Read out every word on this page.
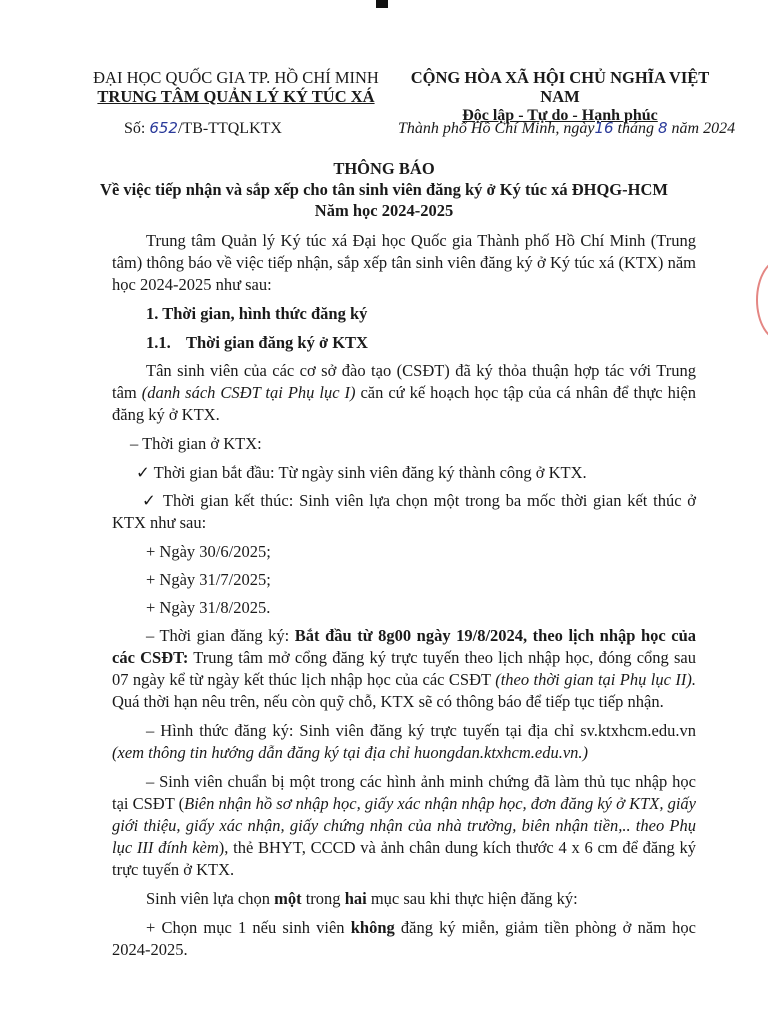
ĐẠI HỌC QUỐC GIA TP. HỒ CHÍ MINH
TRUNG TÂM QUẢN LÝ KÝ TÚC XÁ
CỘNG HÒA XÃ HỘI CHỦ NGHĨA VIỆT NAM
Độc lập - Tự do - Hạnh phúc
Số: 652/TB-TTQLKTX	Thành phố Hồ Chí Minh, ngày16 tháng 8 năm 2024
THÔNG BÁO
Về việc tiếp nhận và sắp xếp cho tân sinh viên đăng ký ở Ký túc xá ĐHQG-HCM
Năm học 2024-2025

Trung tâm Quản lý Ký túc xá Đại học Quốc gia Thành phố Hồ Chí Minh (Trung tâm) thông báo về việc tiếp nhận, sắp xếp tân sinh viên đăng ký ở Ký túc xá (KTX) năm học 2024-2025 như sau:

1. Thời gian, hình thức đăng ký
1.1. Thời gian đăng ký ở KTX

Tân sinh viên của các cơ sở đào tạo (CSĐT) đã ký thỏa thuận hợp tác với Trung tâm (danh sách CSĐT tại Phụ lục I) căn cứ kế hoạch học tập của cá nhân để thực hiện đăng ký ở KTX.

– Thời gian ở KTX:
✓ Thời gian bắt đầu: Từ ngày sinh viên đăng ký thành công ở KTX.

✓ Thời gian kết thúc: Sinh viên lựa chọn một trong ba mốc thời gian kết thúc ở KTX như sau:

+ Ngày 30/6/2025;
+ Ngày 31/7/2025;
+ Ngày 31/8/2025.

– Thời gian đăng ký: Bắt đầu từ 8g00 ngày 19/8/2024, theo lịch nhập học của các CSĐT: Trung tâm mở cổng đăng ký trực tuyến theo lịch nhập học, đóng cổng sau 07 ngày kể từ ngày kết thúc lịch nhập học của các CSĐT (theo thời gian tại Phụ lục II). Quá thời hạn nêu trên, nếu còn quỹ chỗ, KTX sẽ có thông báo để tiếp tục tiếp nhận.

– Hình thức đăng ký: Sinh viên đăng ký trực tuyến tại địa chỉ sv.ktxhcm.edu.vn (xem thông tin hướng dẫn đăng ký tại địa chỉ huongdan.ktxhcm.edu.vn.)

– Sinh viên chuẩn bị một trong các hình ảnh minh chứng đã làm thủ tục nhập học tại CSĐT (Biên nhận hồ sơ nhập học, giấy xác nhận nhập học, đơn đăng ký ở KTX, giấy giới thiệu, giấy xác nhận, giấy chứng nhận của nhà trường, biên nhận tiền,.. theo Phụ lục III đính kèm), thẻ BHYT, CCCD và ảnh chân dung kích thước 4 x 6 cm để đăng ký trực tuyến ở KTX.

Sinh viên lựa chọn một trong hai mục sau khi thực hiện đăng ký:

+ Chọn mục 1 nếu sinh viên không đăng ký miễn, giảm tiền phòng ở năm học 2024-2025.
